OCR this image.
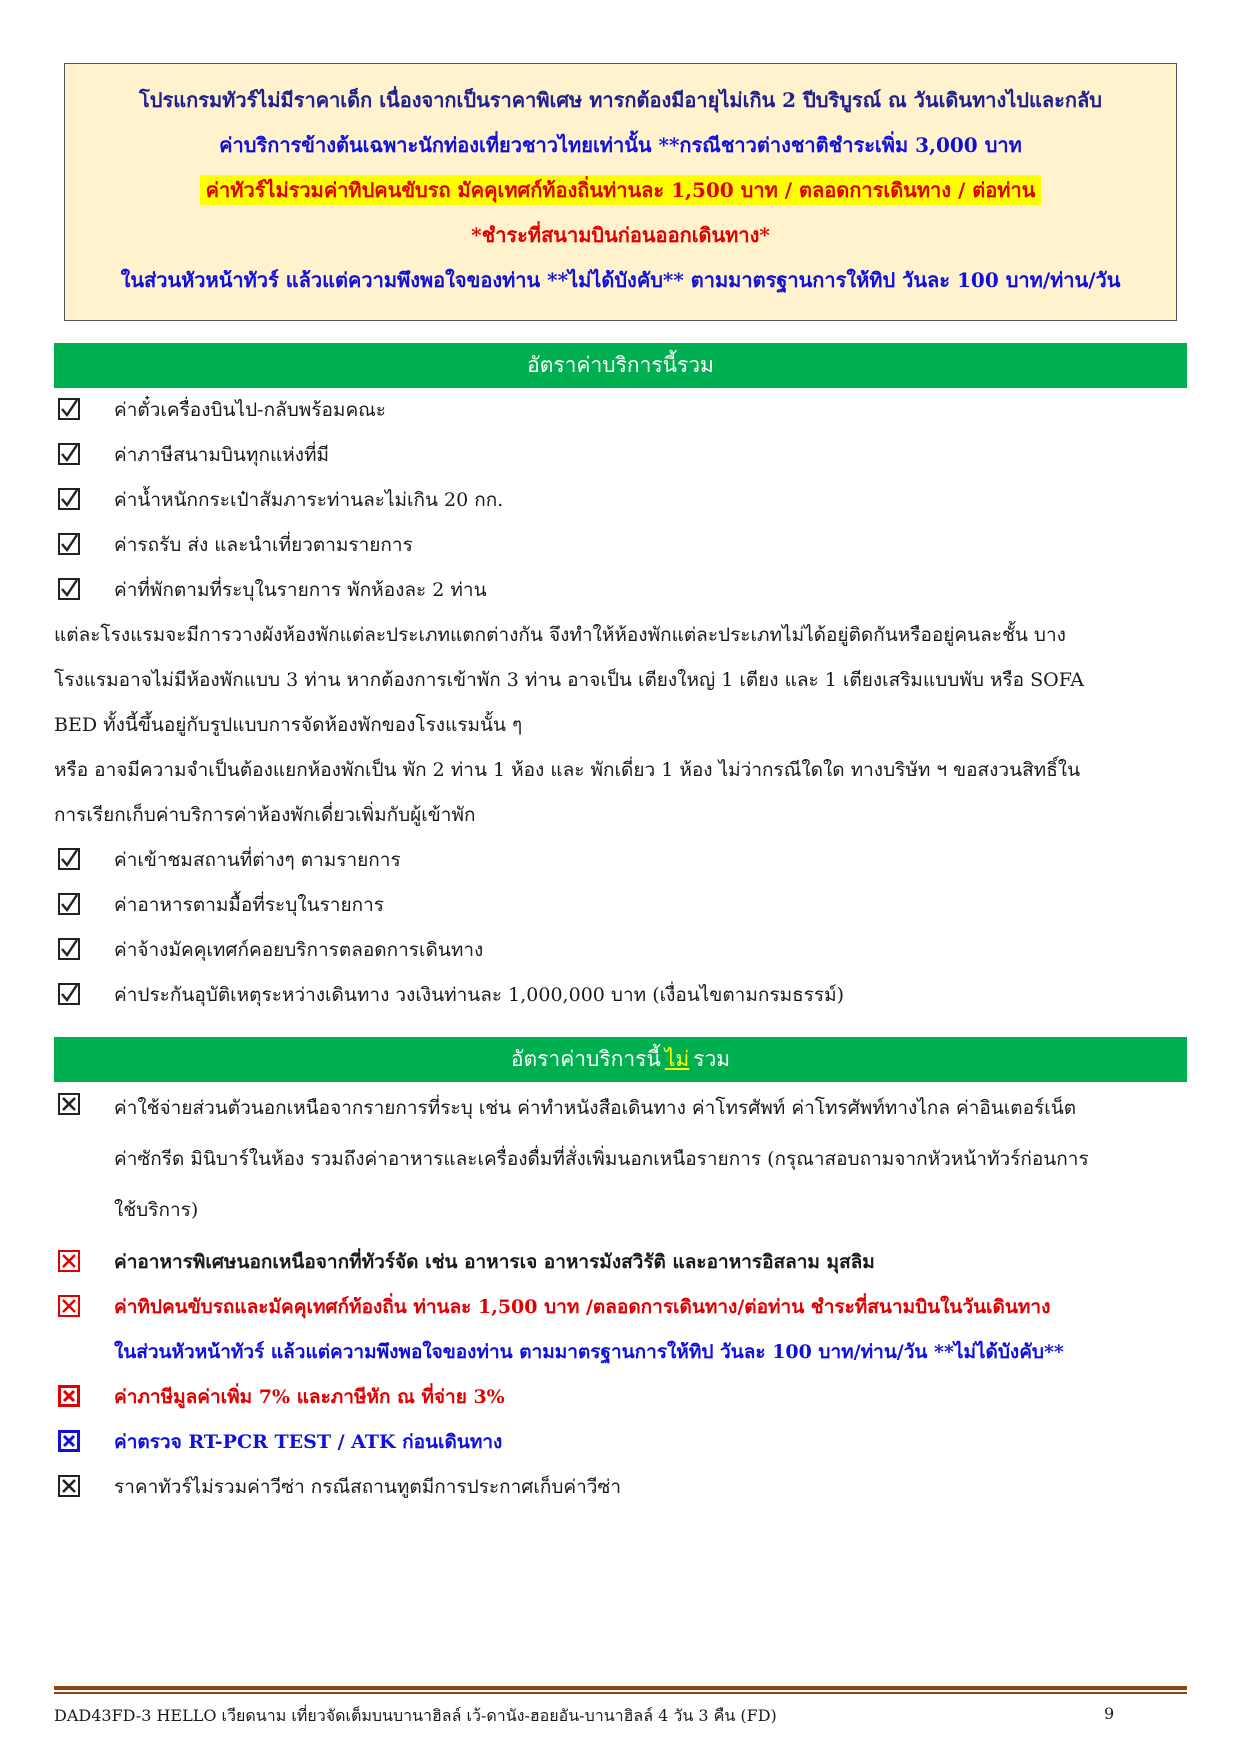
โปรแกรมทัวร์ไม่มีราคาเด็ก เนื่องจากเป็นราคาพิเศษ ทารกต้องมีอายุไม่เกิน 2 ปีบริบูรณ์ ณ วันเดินทางไปและกลับ
ค่าบริการข้างต้นเฉพาะนักท่องเที่ยวชาวไทยเท่านั้น **กรณีชาวต่างชาติชำระเพิ่ม 3,000 บาท
ค่าทัวร์ไม่รวมค่าทิปคนขับรถ มัคคุเทศก์ท้องถิ่นท่านละ 1,500 บาท / ตลอดการเดินทาง / ต่อท่าน
*ชำระที่สนามบินก่อนออกเดินทาง*
ในส่วนหัวหน้าทัวร์ แล้วแต่ความพึงพอใจของท่าน **ไม่ได้บังคับ** ตามมาตรฐานการให้ทิป วันละ 100 บาท/ท่าน/วัน
อัตราค่าบริการนี้รวม
ค่าตั๋วเครื่องบินไป-กลับพร้อมคณะ
ค่าภาษีสนามบินทุกแห่งที่มี
ค่าน้ำหนักกระเป๋าสัมภาระท่านละไม่เกิน 20 กก.
ค่ารถรับ ส่ง และนำเที่ยวตามรายการ
ค่าที่พักตามที่ระบุในรายการ พักห้องละ 2 ท่าน
แต่ละโรงแรมจะมีการวางผังห้องพักแต่ละประเภทแตกต่างกัน จึงทำให้ห้องพักแต่ละประเภทไม่ได้อยู่ติดกันหรืออยู่คนละชั้น บาง
โรงแรมอาจไม่มีห้องพักแบบ 3 ท่าน หากต้องการเข้าพัก 3 ท่าน อาจเป็น เตียงใหญ่ 1 เตียง และ 1 เตียงเสริมแบบพับ หรือ SOFA
BED ทั้งนี้ขึ้นอยู่กับรูปแบบการจัดห้องพักของโรงแรมนั้น ๆ
หรือ อาจมีความจำเป็นต้องแยกห้องพักเป็น พัก 2 ท่าน 1 ห้อง และ พักเดี่ยว 1 ห้อง ไม่ว่ากรณีใดใด ทางบริษัท ฯ ขอสงวนสิทธิ์ใน
การเรียกเก็บค่าบริการค่าห้องพักเดี่ยวเพิ่มกับผู้เข้าพัก
ค่าเข้าชมสถานที่ต่างๆ ตามรายการ
ค่าอาหารตามมื้อที่ระบุในรายการ
ค่าจ้างมัคคุเทศก์คอยบริการตลอดการเดินทาง
ค่าประกันอุบัติเหตุระหว่างเดินทาง วงเงินท่านละ 1,000,000 บาท (เงื่อนไขตามกรมธรรม์)
อัตราค่าบริการนี้ ไม่ รวม
ค่าใช้จ่ายส่วนตัวนอกเหนือจากรายการที่ระบุ เช่น ค่าทำหนังสือเดินทาง ค่าโทรศัพท์ ค่าโทรศัพท์ทางไกล ค่าอินเตอร์เน็ต
ค่าซักรีด มินิบาร์ในห้อง รวมถึงค่าอาหารและเครื่องดื่มที่สั่งเพิ่มนอกเหนือรายการ (กรุณาสอบถามจากหัวหน้าทัวร์ก่อนการ
ใช้บริการ)
ค่าอาหารพิเศษนอกเหนือจากที่ทัวร์จัด เช่น อาหารเจ อาหารมังสวิรัติ และอาหารอิสลาม มุสลิม
ค่าทิปคนขับรถและมัคคุเทศก์ท้องถิ่น ท่านละ 1,500 บาท /ตลอดการเดินทาง/ต่อท่าน ชำระที่สนามบินในวันเดินทาง
ในส่วนหัวหน้าทัวร์ แล้วแต่ความพึงพอใจของท่าน ตามมาตรฐานการให้ทิป วันละ 100 บาท/ท่าน/วัน **ไม่ได้บังคับ**
ค่าภาษีมูลค่าเพิ่ม 7% และภาษีหัก ณ ที่จ่าย 3%
ค่าตรวจ RT-PCR TEST / ATK ก่อนเดินทาง
ราคาทัวร์ไม่รวมค่าวีซ่า กรณีสถานทูตมีการประกาศเก็บค่าวีซ่า
DAD43FD-3 HELLO เวียดนาม เที่ยวจัดเต็มบนบานาฮิลล์ เว้-ดานัง-ฮอยอัน-บานาฮิลล์ 4 วัน 3 คืน (FD)	9
